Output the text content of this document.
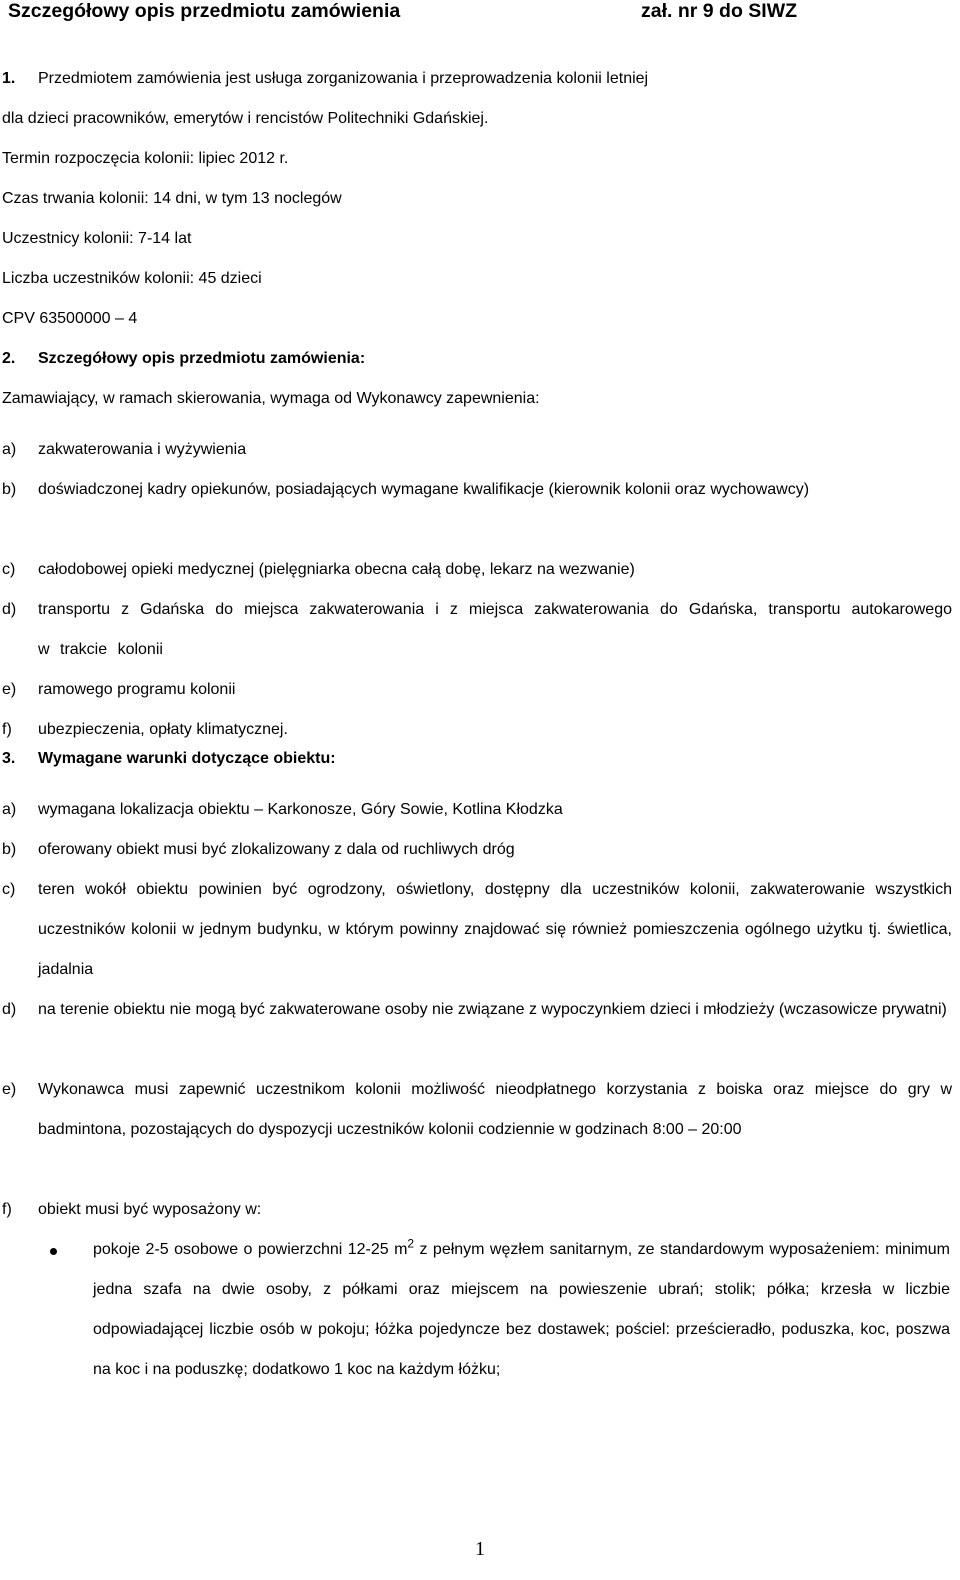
Szczegółowy opis przedmiotu zamówienia	zał. nr 9 do SIWZ
1. Przedmiotem zamówienia jest usługa zorganizowania i przeprowadzenia kolonii letniej
dla dzieci pracowników, emerytów i rencistów Politechniki Gdańskiej.
Termin rozpoczęcia kolonii: lipiec 2012 r.
Czas trwania kolonii: 14 dni, w tym 13 noclegów
Uczestnicy kolonii: 7-14 lat
Liczba uczestników kolonii: 45 dzieci
CPV 63500000 – 4
2. Szczegółowy opis przedmiotu zamówienia:
Zamawiający, w ramach skierowania, wymaga od Wykonawcy zapewnienia:
a) zakwaterowania i wyżywienia
b) doświadczonej kadry opiekunów, posiadających wymagane kwalifikacje (kierownik kolonii oraz wychowawcy)
c) całodobowej opieki medycznej (pielęgniarka obecna całą dobę, lekarz na wezwanie)
d) transportu z Gdańska do miejsca zakwaterowania i z miejsca zakwaterowania do Gdańska, transportu autokarowego w trakcie kolonii
e) ramowego programu kolonii
f) ubezpieczenia, opłaty klimatycznej.
3. Wymagane warunki dotyczące obiektu:
a) wymagana lokalizacja obiektu – Karkonosze, Góry Sowie, Kotlina Kłodzka
b) oferowany obiekt musi być zlokalizowany z dala od ruchliwych dróg
c) teren wokół obiektu powinien być ogrodzony, oświetlony, dostępny dla uczestników kolonii, zakwaterowanie wszystkich uczestników kolonii w jednym budynku, w którym powinny znajdować się również pomieszczenia ogólnego użytku tj. świetlica, jadalnia
d) na terenie obiektu nie mogą być zakwaterowane osoby nie związane z wypoczynkiem dzieci i młodzieży (wczasowicze prywatni)
e) Wykonawca musi zapewnić uczestnikom kolonii możliwość nieodpłatnego korzystania z boiska oraz miejsce do gry w badmintona, pozostających do dyspozycji uczestników kolonii codziennie w godzinach 8:00 – 20:00
f) obiekt musi być wyposażony w:
pokoje 2-5 osobowe o powierzchni 12-25 $m^2$ z pełnym węzłem sanitarnym, ze standardowym wyposażeniem: minimum jedna szafa na dwie osoby, z półkami oraz miejscem na powieszenie ubrań; stolik; półka; krzesła w liczbie odpowiadającej liczbie osób w pokoju; łóżka pojedyncze bez dostawek; pościel: prześcieradło, poduszka, koc, poszwa na koc i na poduszkę; dodatkowo 1 koc na każdym łóżku;
1
